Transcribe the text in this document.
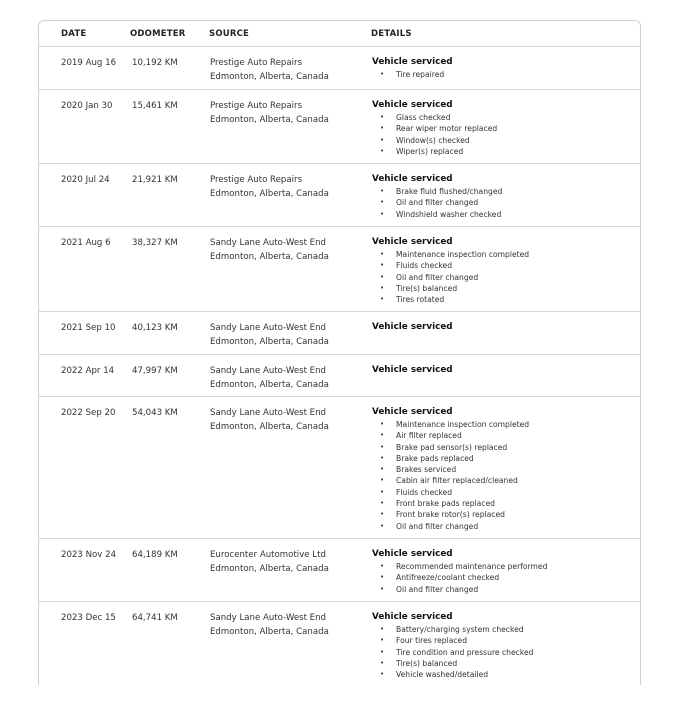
DATE	ODOMETER	SOURCE	DETAILS
2019 Aug 16 10,192 KM	Prestige Auto Repairs
Edmonton, Alberta, Canada
Vehicle serviced
• Tire repaired
2020 Jan 30 15,461 KM	Prestige Auto Repairs
Edmonton, Alberta, Canada
Vehicle serviced
• Glass checked
• Rear wiper motor replaced
• Window(s) checked
• Wiper(s) replaced
2020 Jul 24	21,921 KM	Prestige Auto Repairs
Edmonton, Alberta, Canada
Vehicle serviced
• Brake fluid flushed/changed
• Oil and filter changed
• Windshield washer checked
2021 Aug 6 38,327 KM	Sandy Lane Auto-West End
Edmonton, Alberta, Canada
Vehicle serviced
• Maintenance inspection completed
• Fluids checked
• Oil and filter changed
• Tire(s) balanced
• Tires rotated
2021 Sep 10 40,123 KM	Sandy Lane Auto-West End
Edmonton, Alberta, Canada
Vehicle serviced
2022 Apr 14 47,997 KM	Sandy Lane Auto-West End
Edmonton, Alberta, Canada
Vehicle serviced
2022 Sep 20 54,043 KM	Sandy Lane Auto-West End
Edmonton, Alberta, Canada
Vehicle serviced
• Maintenance inspection completed
• Air filter replaced
• Brake pad sensor(s) replaced
• Brake pads replaced
• Brakes serviced
• Cabin air filter replaced/cleaned
• Fluids checked
• Front brake pads replaced
• Front brake rotor(s) replaced
• Oil and filter changed
2023 Nov 24 64,189 KM	Eurocenter Automotive Ltd
Edmonton, Alberta, Canada
Vehicle serviced
• Recommended maintenance performed
• Antifreeze/coolant checked
• Oil and filter changed
2023 Dec 15 64,741 KM	Sandy Lane Auto-West End
Edmonton, Alberta, Canada
Vehicle serviced
• Battery/charging system checked
• Four tires replaced
• Tire condition and pressure checked
• Tire(s) balanced
• Vehicle washed/detailed
